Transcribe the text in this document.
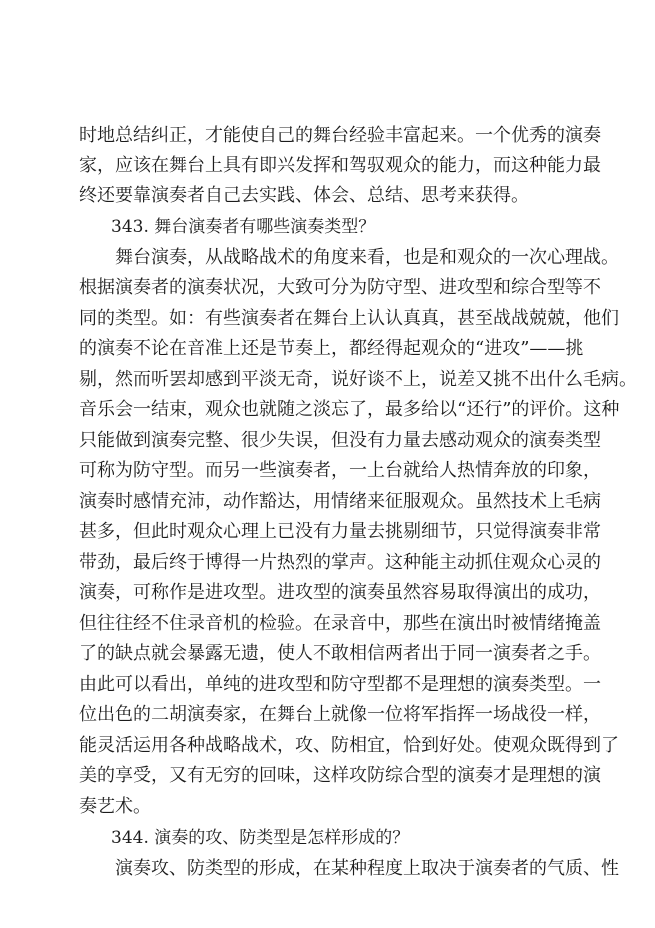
时地总结纠正，才能使自己的舞台经验丰富起来。一个优秀的演奏
家，应该在舞台上具有即兴发挥和驾驭观众的能力，而这种能力最
终还要靠演奏者自己去实践、体会、总结、思考来获得。
343. 舞台演奏者有哪些演奏类型？
舞台演奏，从战略战术的角度来看，也是和观众的一次心理战。
根据演奏者的演奏状况，大致可分为防守型、进攻型和综合型等不
同的类型。如：有些演奏者在舞台上认认真真，甚至战战兢兢，他们
的演奏不论在音准上还是节奏上，都经得起观众的“进攻”——挑
剔，然而听罢却感到平淡无奇，说好谈不上，说差又挑不出什么毛病。
音乐会一结束，观众也就随之淡忘了，最多给以“还行”的评价。这种
只能做到演奏完整、很少失误，但没有力量去感动观众的演奏类型
可称为防守型。而另一些演奏者，一上台就给人热情奔放的印象，
演奏时感情充沛，动作豁达，用情绪来征服观众。虽然技术上毛病
甚多，但此时观众心理上已没有力量去挑剔细节，只觉得演奏非常
带劲，最后终于博得一片热烈的掌声。这种能主动抓住观众心灵的
演奏，可称作是进攻型。进攻型的演奏虽然容易取得演出的成功，
但往往经不住录音机的检验。在录音中，那些在演出时被情绪掩盖
了的缺点就会暴露无遗，使人不敢相信两者出于同一演奏者之手。
由此可以看出，单纯的进攻型和防守型都不是理想的演奏类型。一
位出色的二胡演奏家，在舞台上就像一位将军指挥一场战役一样，
能灵活运用各种战略战术，攻、防相宜，恰到好处。使观众既得到了
美的享受，又有无穷的回味，这样攻防综合型的演奏才是理想的演
奏艺术。
344. 演奏的攻、防类型是怎样形成的？
演奏攻、防类型的形成，在某种程度上取决于演奏者的气质、性
